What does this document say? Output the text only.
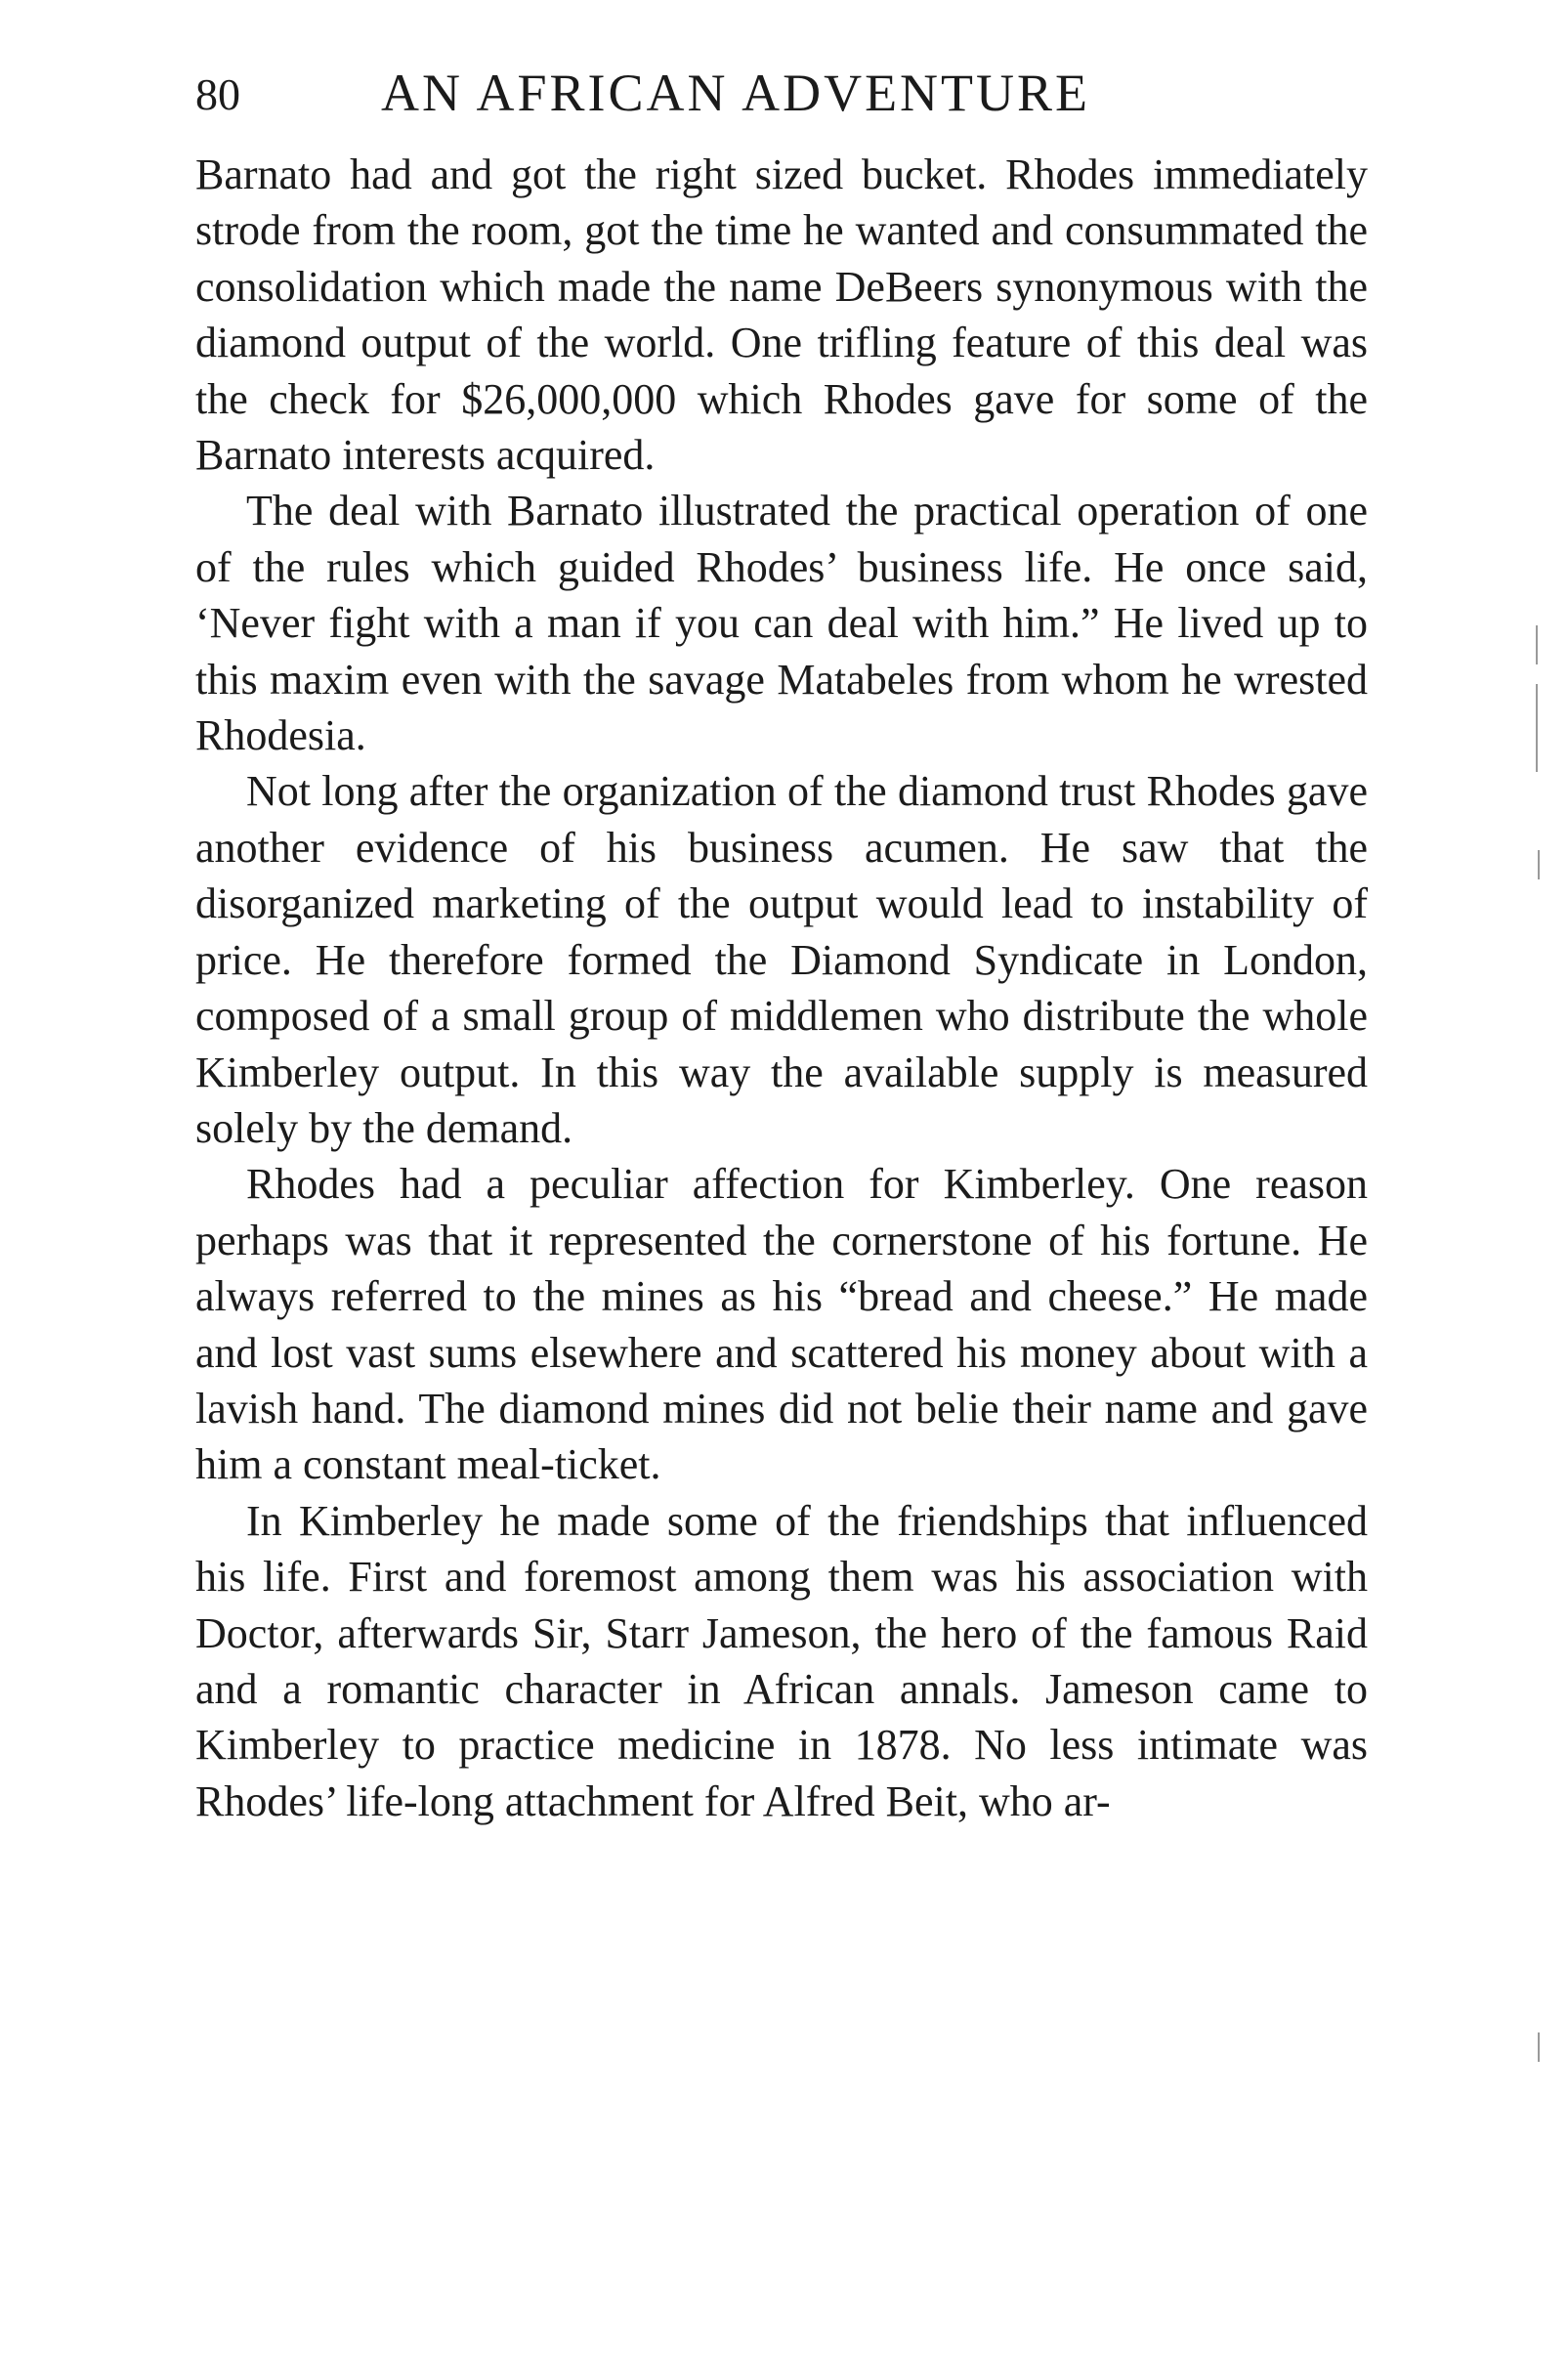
80	AN AFRICAN ADVENTURE

Barnato had and got the right sized bucket. Rhodes immediately strode from the room, got the time he wanted and consummated the consolidation which made the name DeBeers synonymous with the diamond output of the world. One trifling feature of this deal was the check for $26,000,000 which Rhodes gave for some of the Barnato interests acquired.

The deal with Barnato illustrated the practical operation of one of the rules which guided Rhodes’ business life. He once said, ‘Never fight with a man if you can deal with him.” He lived up to this maxim even with the savage Matabeles from whom he wrested Rhodesia.

Not long after the organization of the diamond trust Rhodes gave another evidence of his business acumen. He saw that the disorganized marketing of the output would lead to instability of price. He therefore formed the Diamond Syndicate in London, composed of a small group of middlemen who distribute the whole Kimberley output. In this way the available supply is measured solely by the demand.

Rhodes had a peculiar affection for Kimberley. One reason perhaps was that it represented the cornerstone of his fortune. He always referred to the mines as his “bread and cheese.” He made and lost vast sums elsewhere and scattered his money about with a lavish hand. The diamond mines did not belie their name and gave him a constant meal-ticket.

In Kimberley he made some of the friendships that influenced his life. First and foremost among them was his association with Doctor, afterwards Sir, Starr Jameson, the hero of the famous Raid and a romantic character in African annals. Jameson came to Kimberley to practice medicine in 1878. No less intimate was Rhodes’ life-long attachment for Alfred Beit, who ar-
